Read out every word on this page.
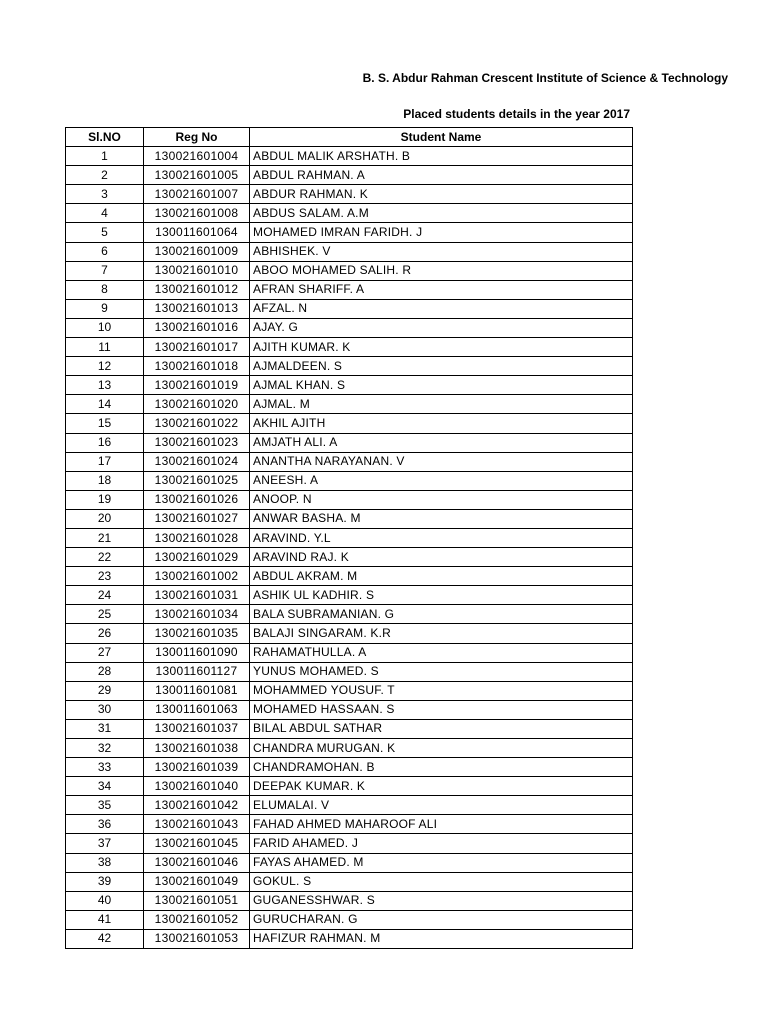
B. S. Abdur Rahman Crescent Institute of Science & Technology
Placed students details in the year 2017
Sl.NO	Reg No	Student Name
1	130021601004	ABDUL MALIK ARSHATH. B
2	130021601005	ABDUL RAHMAN. A
3	130021601007	ABDUR RAHMAN. K
4	130021601008	ABDUS SALAM. A.M
5	130011601064	MOHAMED IMRAN FARIDH. J
6	130021601009	ABHISHEK. V
7	130021601010	ABOO MOHAMED SALIH. R
8	130021601012	AFRAN SHARIFF. A
9	130021601013	AFZAL. N
10	130021601016	AJAY. G
11	130021601017	AJITH KUMAR. K
12	130021601018	AJMALDEEN. S
13	130021601019	AJMAL KHAN. S
14	130021601020	AJMAL. M
15	130021601022	AKHIL AJITH
16	130021601023	AMJATH ALI. A
17	130021601024	ANANTHA NARAYANAN. V
18	130021601025	ANEESH. A
19	130021601026	ANOOP. N
20	130021601027	ANWAR BASHA. M
21	130021601028	ARAVIND. Y.L
22	130021601029	ARAVIND RAJ. K
23	130021601002	ABDUL AKRAM. M
24	130021601031	ASHIK UL KADHIR. S
25	130021601034	BALA SUBRAMANIAN. G
26	130021601035	BALAJI SINGARAM. K.R
27	130011601090	RAHAMATHULLA. A
28	130011601127	YUNUS MOHAMED. S
29	130011601081	MOHAMMED YOUSUF. T
30	130011601063	MOHAMED HASSAAN. S
31	130021601037	BILAL ABDUL SATHAR
32	130021601038	CHANDRA MURUGAN. K
33	130021601039	CHANDRAMOHAN. B
34	130021601040	DEEPAK KUMAR. K
35	130021601042	ELUMALAI. V
36	130021601043	FAHAD AHMED MAHAROOF ALI
37	130021601045	FARID AHAMED. J
38	130021601046	FAYAS AHAMED. M
39	130021601049	GOKUL. S
40	130021601051	GUGANESSHWAR. S
41	130021601052	GURUCHARAN. G
42	130021601053	HAFIZUR RAHMAN. M
